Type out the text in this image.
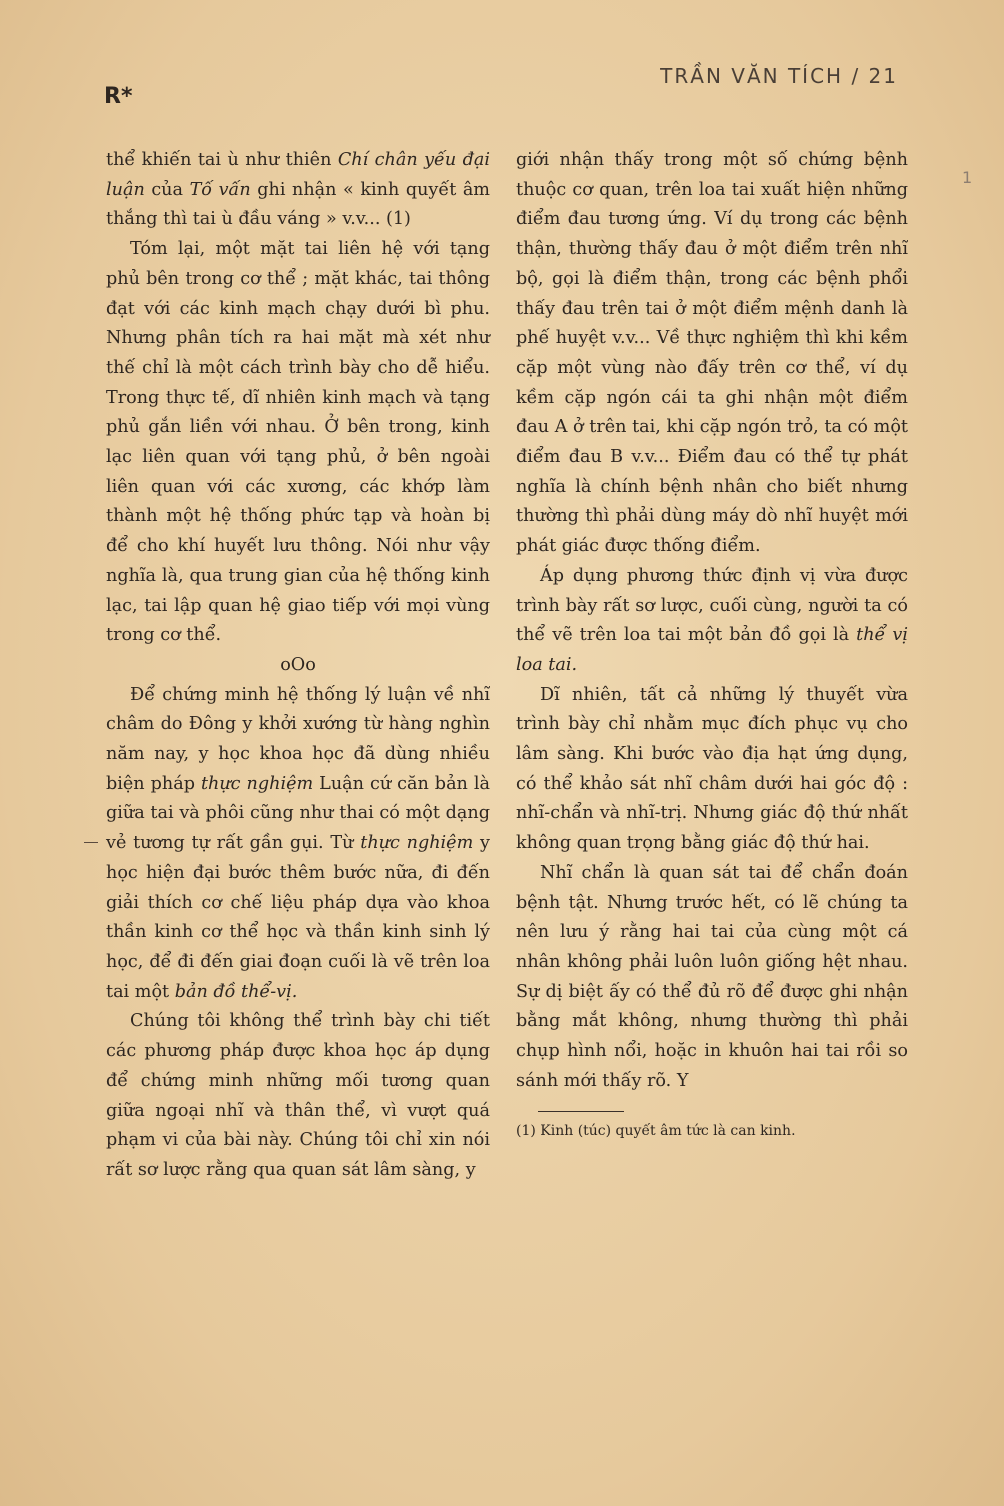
R*
TRẦN VĂN TÍCH / 21
1

thể khiến tai ù như thiên Chí chân yếu đại luận của Tố vấn ghi nhận « kinh quyết âm thắng thì tai ù đầu váng » v.v... (1)

Tóm lại, một mặt tai liên hệ với tạng phủ bên trong cơ thể ; mặt khác, tai thông đạt với các kinh mạch chạy dưới bì phu. Nhưng phân tích ra hai mặt mà xét như thế chỉ là một cách trình bày cho dễ hiểu. Trong thực tế, dĩ nhiên kinh mạch và tạng phủ gắn liền với nhau. Ở bên trong, kinh lạc liên quan với tạng phủ, ở bên ngoài liên quan với các xương, các khớp làm thành một hệ thống phức tạp và hoàn bị để cho khí huyết lưu thông. Nói như vậy nghĩa là, qua trung gian của hệ thống kinh lạc, tai lập quan hệ giao tiếp với mọi vùng trong cơ thể.

oOo

Để chứng minh hệ thống lý luận về nhĩ châm do Đông y khởi xướng từ hàng nghìn năm nay, y học khoa học đã dùng nhiều biện pháp thực nghiệm Luận cứ căn bản là giữa tai và phôi cũng như thai có một dạng vẻ tương tự rất gần gụi. Từ thực nghiệm y học hiện đại bước thêm bước nữa, đi đến giải thích cơ chế liệu pháp dựa vào khoa thần kinh cơ thể học và thần kinh sinh lý học, để đi đến giai đoạn cuối là vẽ trên loa tai một bản đồ thể-vị.

Chúng tôi không thể trình bày chi tiết các phương pháp được khoa học áp dụng để chứng minh những mối tương quan giữa ngoại nhĩ và thân thể, vì vượt quá phạm vi của bài này. Chúng tôi chỉ xin nói rất sơ lược rằng qua quan sát lâm sàng, y

giới nhận thấy trong một số chứng bệnh thuộc cơ quan, trên loa tai xuất hiện những điểm đau tương ứng. Ví dụ trong các bệnh thận, thường thấy đau ở một điểm trên nhĩ bộ, gọi là điểm thận, trong các bệnh phổi thấy đau trên tai ở một điểm mệnh danh là phế huyệt v.v... Về thực nghiệm thì khi kềm cặp một vùng nào đấy trên cơ thể, ví dụ kềm cặp ngón cái ta ghi nhận một điểm đau A ở trên tai, khi cặp ngón trỏ, ta có một điểm đau B v.v... Điểm đau có thể tự phát nghĩa là chính bệnh nhân cho biết nhưng thường thì phải dùng máy dò nhĩ huyệt mới phát giác được thống điểm.

Áp dụng phương thức định vị vừa được trình bày rất sơ lược, cuối cùng, người ta có thể vẽ trên loa tai một bản đồ gọi là thể vị loa tai.

Dĩ nhiên, tất cả những lý thuyết vừa trình bày chỉ nhằm mục đích phục vụ cho lâm sàng. Khi bước vào địa hạt ứng dụng, có thể khảo sát nhĩ châm dưới hai góc độ : nhĩ-chẩn và nhĩ-trị. Nhưng giác độ thứ nhất không quan trọng bằng giác độ thứ hai.

Nhĩ chẩn là quan sát tai để chẩn đoán bệnh tật. Nhưng trước hết, có lẽ chúng ta nên lưu ý rằng hai tai của cùng một cá nhân không phải luôn luôn giống hệt nhau. Sự dị biệt ấy có thể đủ rõ để được ghi nhận bằng mắt không, nhưng thường thì phải chụp hình nổi, hoặc in khuôn hai tai rồi so sánh mới thấy rõ. Y

(1) Kinh (túc) quyết âm tức là can kinh.
